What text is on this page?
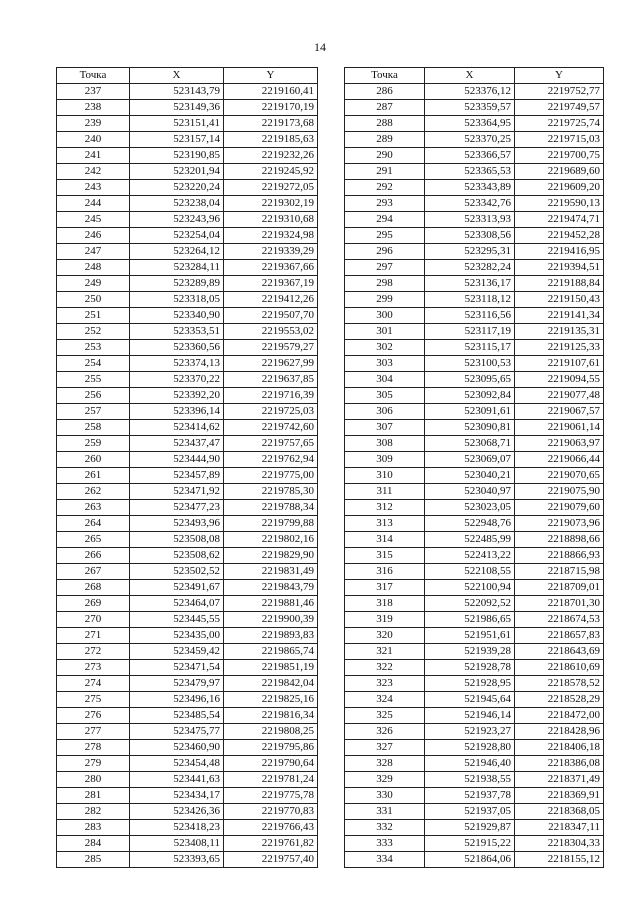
14
Точка	X	Y
237	523143,79	2219160,41
238	523149,36	2219170,19
239	523151,41	2219173,68
240	523157,14	2219185,63
241	523190,85	2219232,26
242	523201,94	2219245,92
243	523220,24	2219272,05
244	523238,04	2219302,19
245	523243,96	2219310,68
246	523254,04	2219324,98
247	523264,12	2219339,29
248	523284,11	2219367,66
249	523289,89	2219367,19
250	523318,05	2219412,26
251	523340,90	2219507,70
252	523353,51	2219553,02
253	523360,56	2219579,27
254	523374,13	2219627,99
255	523370,22	2219637,85
256	523392,20	2219716,39
257	523396,14	2219725,03
258	523414,62	2219742,60
259	523437,47	2219757,65
260	523444,90	2219762,94
261	523457,89	2219775,00
262	523471,92	2219785,30
263	523477,23	2219788,34
264	523493,96	2219799,88
265	523508,08	2219802,16
266	523508,62	2219829,90
267	523502,52	2219831,49
268	523491,67	2219843,79
269	523464,07	2219881,46
270	523445,55	2219900,39
271	523435,00	2219893,83
272	523459,42	2219865,74
273	523471,54	2219851,19
274	523479,97	2219842,04
275	523496,16	2219825,16
276	523485,54	2219816,34
277	523475,77	2219808,25
278	523460,90	2219795,86
279	523454,48	2219790,64
280	523441,63	2219781,24
281	523434,17	2219775,78
282	523426,36	2219770,83
283	523418,23	2219766,43
284	523408,11	2219761,82
285	523393,65	2219757,40
Точка	X	Y
286	523376,12	2219752,77
287	523359,57	2219749,57
288	523364,95	2219725,74
289	523370,25	2219715,03
290	523366,57	2219700,75
291	523365,53	2219689,60
292	523343,89	2219609,20
293	523342,76	2219590,13
294	523313,93	2219474,71
295	523308,56	2219452,28
296	523295,31	2219416,95
297	523282,24	2219394,51
298	523136,17	2219188,84
299	523118,12	2219150,43
300	523116,56	2219141,34
301	523117,19	2219135,31
302	523115,17	2219125,33
303	523100,53	2219107,61
304	523095,65	2219094,55
305	523092,84	2219077,48
306	523091,61	2219067,57
307	523090,81	2219061,14
308	523068,71	2219063,97
309	523069,07	2219066,44
310	523040,21	2219070,65
311	523040,97	2219075,90
312	523023,05	2219079,60
313	522948,76	2219073,96
314	522485,99	2218898,66
315	522413,22	2218866,93
316	522108,55	2218715,98
317	522100,94	2218709,01
318	522092,52	2218701,30
319	521986,65	2218674,53
320	521951,61	2218657,83
321	521939,28	2218643,69
322	521928,78	2218610,69
323	521928,95	2218578,52
324	521945,64	2218528,29
325	521946,14	2218472,00
326	521923,27	2218428,96
327	521928,80	2218406,18
328	521946,40	2218386,08
329	521938,55	2218371,49
330	521937,78	2218369,91
331	521937,05	2218368,05
332	521929,87	2218347,11
333	521915,22	2218304,33
334	521864,06	2218155,12
